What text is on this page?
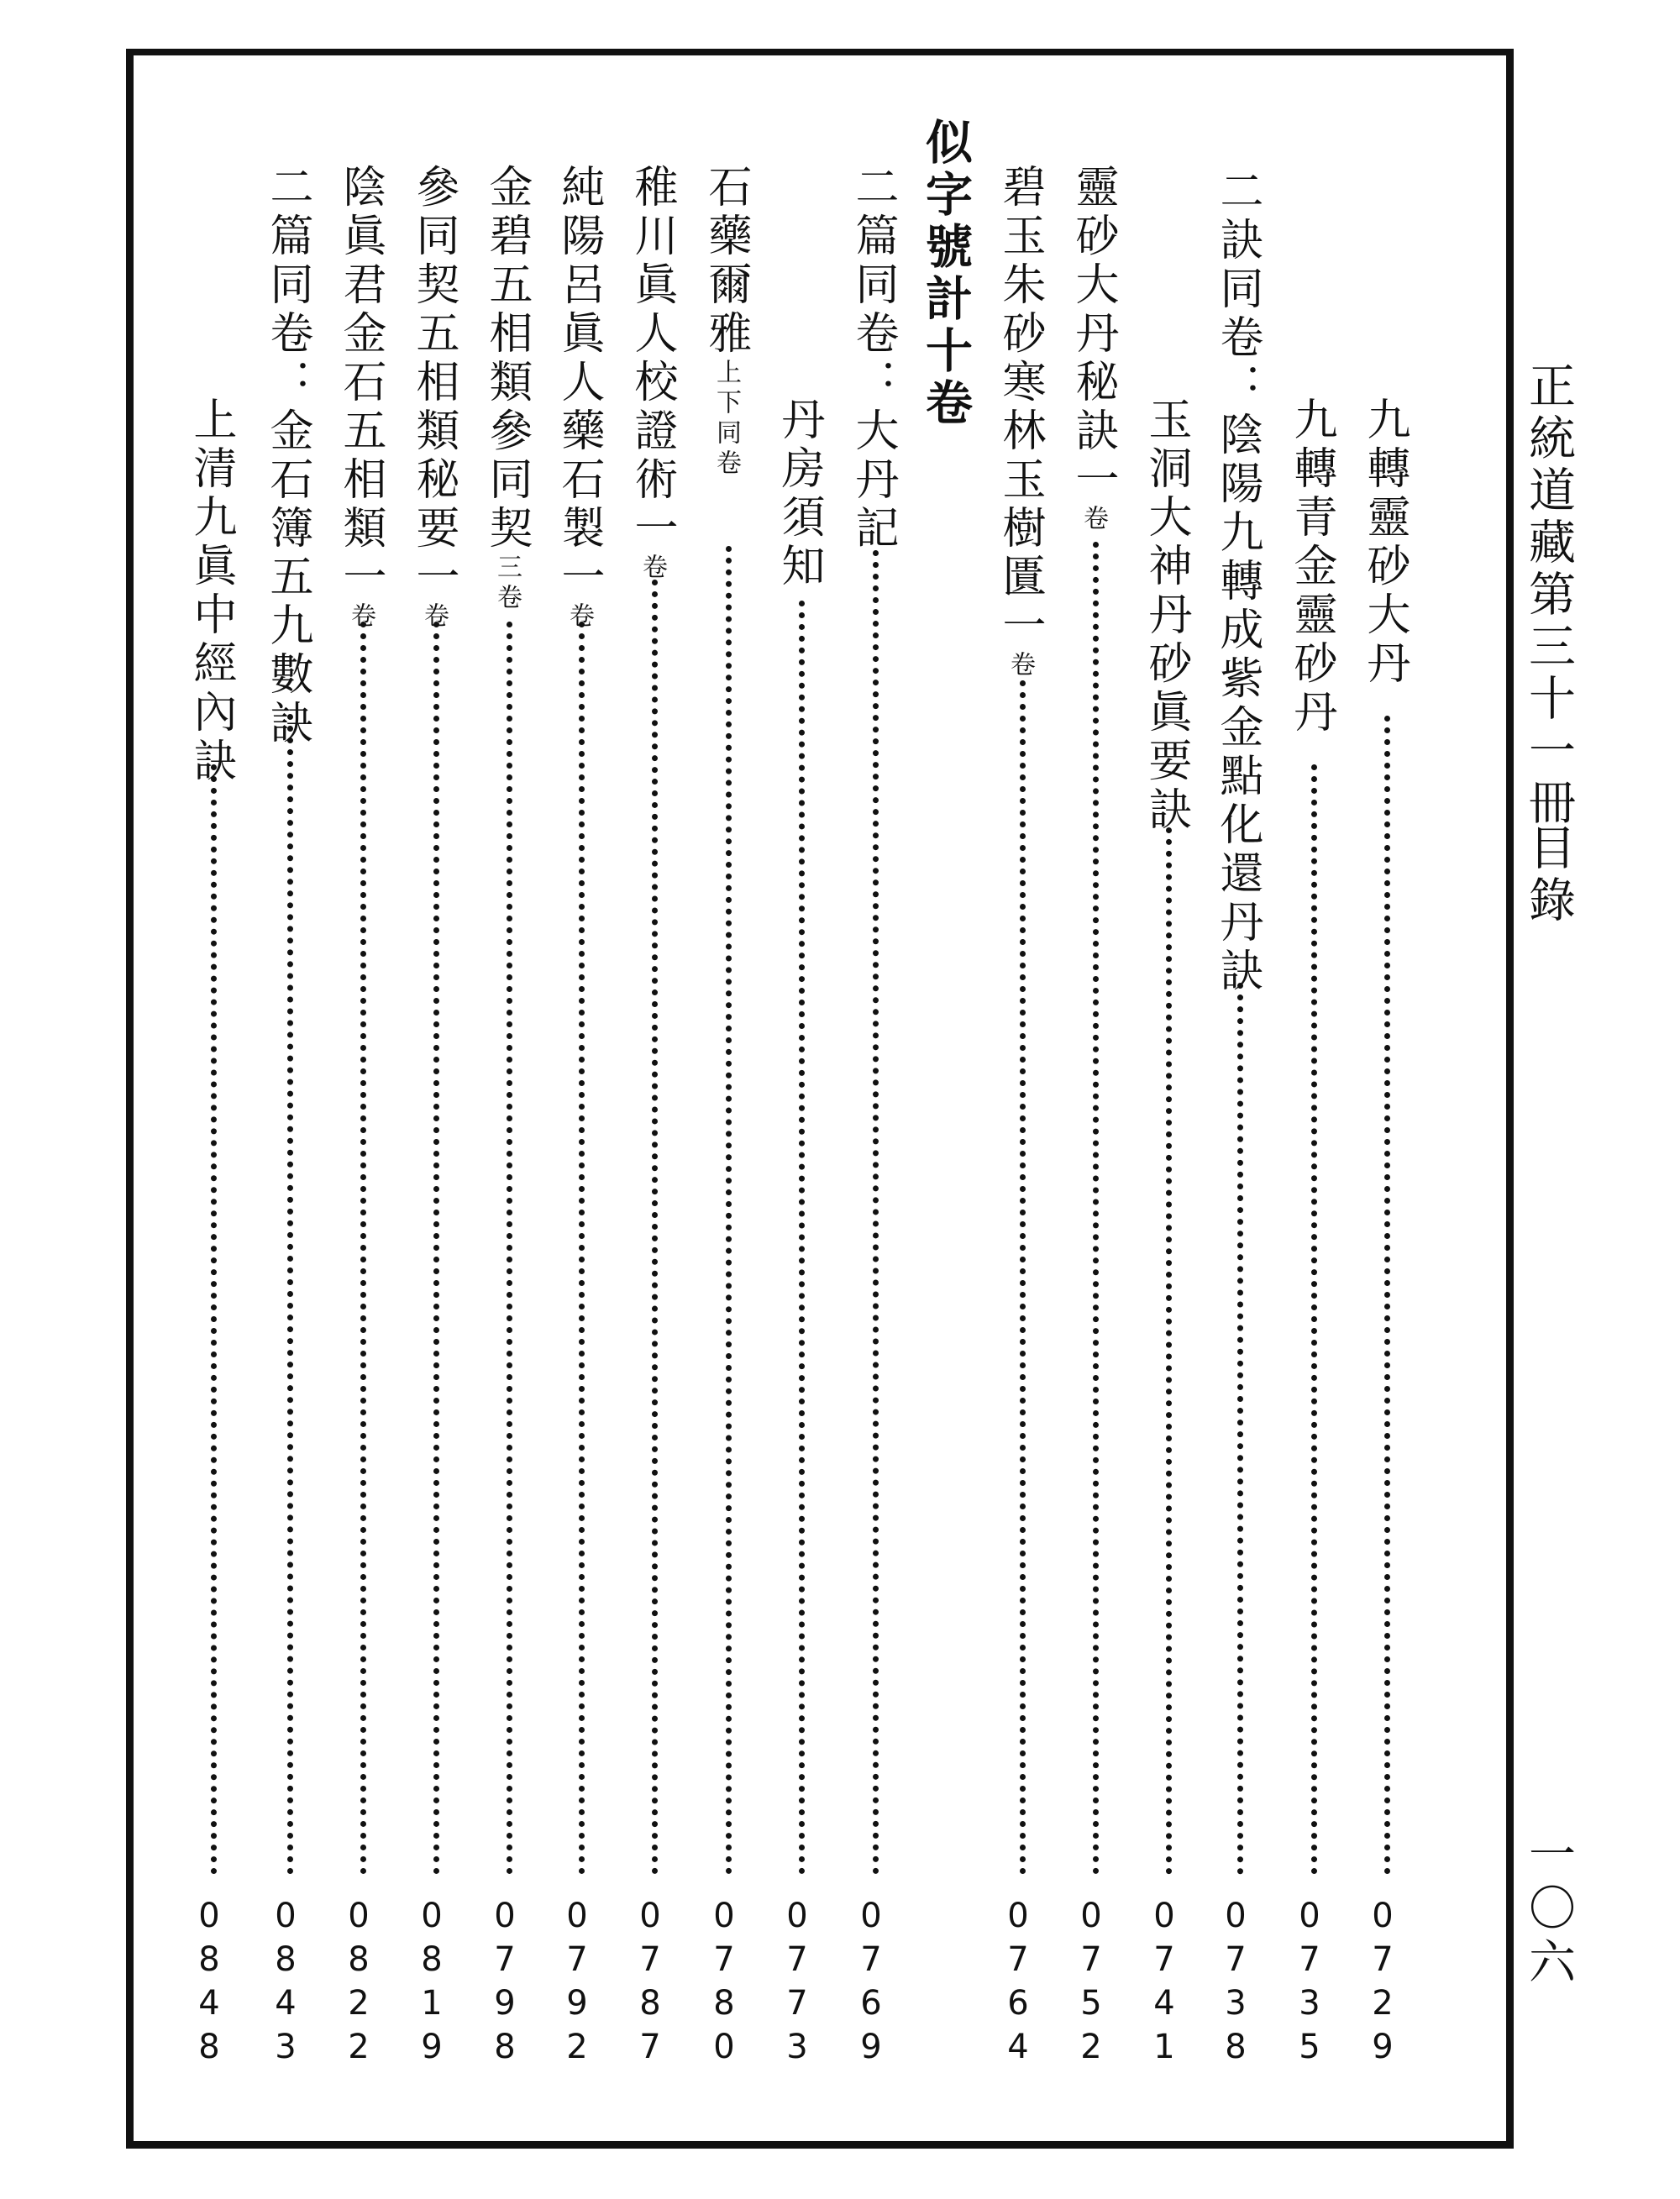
正統道藏第三十一冊
目錄
一〇六
九轉靈砂大丹
0729
九轉青金靈砂丹
0735
二訣同卷：陰陽九轉成紫金點化還丹訣
0738
玉洞大神丹砂眞要訣
0741
靈砂大丹秘訣一卷
0752
碧玉朱砂寒林玉樹匱一卷
0764
似字號計十卷
二篇同卷：大丹記
0769
丹房須知
0773
石藥爾雅上下同卷
0780
稚川眞人校證術一卷
0787
純陽呂眞人藥石製一卷
0792
金碧五相類參同契三卷
0798
參同契五相類秘要一卷
0819
陰眞君金石五相類一卷
0822
二篇同卷：金石簿五九數訣
0843
上清九眞中經內訣
0848
